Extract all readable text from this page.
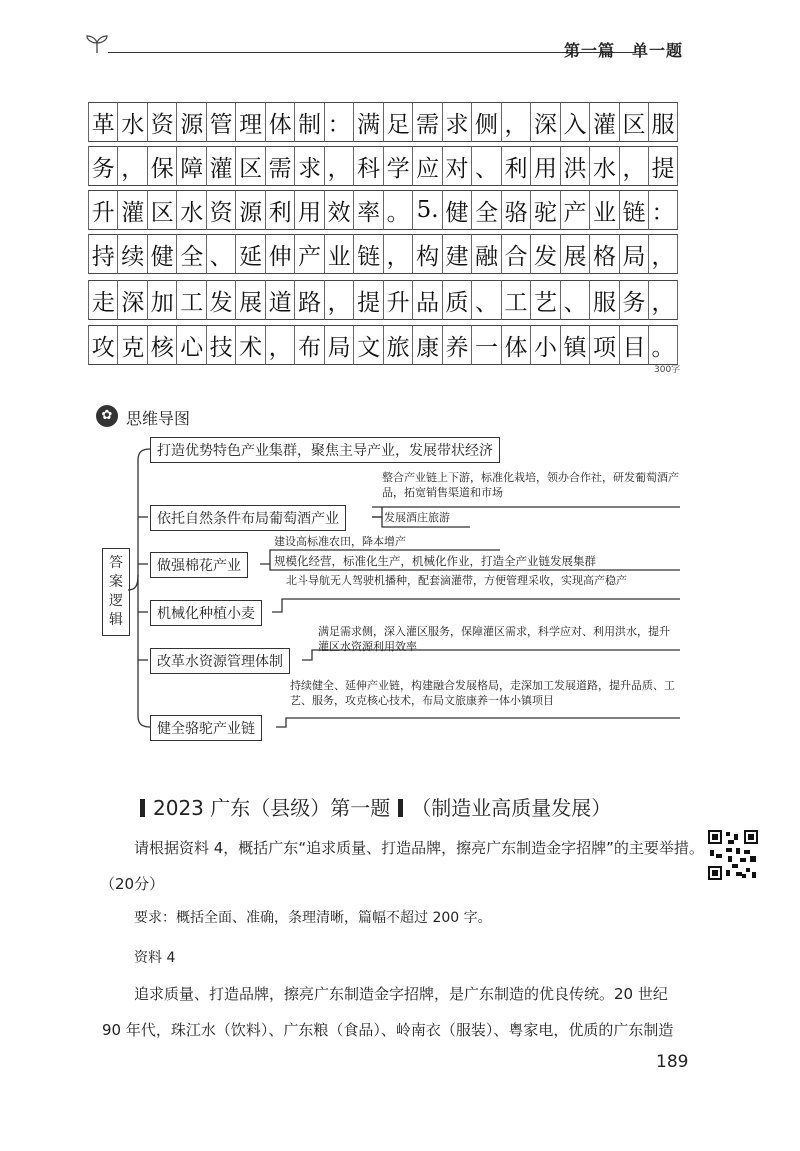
第一篇　单一题
革 水 资 源 管 理 体 制 ： 满 足 需 求 侧 ， 深 入 灌 区 服
务 ， 保 障 灌 区 需 求 ， 科 学 应 对 、 利 用 洪 水 ， 提
升 灌 区 水 资 源 利 用 效 率 。 5. 健 全 骆 驼 产 业 链 ：
持 续 健 全 、 延 伸 产 业 链 ， 构 建 融 合 发 展 格 局 ，
走 深 加 工 发 展 道 路 ， 提 升 品 质 、 工 艺 、 服 务 ，
攻 克 核 心 技 术 ， 布 局 文 旅 康 养 一 体 小 镇 项 目 。
300字
✿ 思维导图
答
案
逻
辑
打造优势特色产业集群，聚焦主导产业，发展带状经济
依托自然条件布局葡萄酒产业
整合产业链上下游，标准化栽培，领办合作社，研发葡萄酒产品，拓宽销售渠道和市场
发展酒庄旅游
做强棉花产业
建设高标准农田，降本增产
规模化经营，标准化生产，机械化作业，打造全产业链发展集群
机械化种植小麦
北斗导航无人驾驶机播种，配套滴灌带，方便管理采收，实现高产稳产
改革水资源管理体制
满足需求侧，深入灌区服务，保障灌区需求，科学应对、利用洪水，提升灌区水资源利用效率
健全骆驼产业链
持续健全、延伸产业链，构建融合发展格局，走深加工发展道路，提升品质、工艺、服务，攻克核心技术，布局文旅康养一体小镇项目
2023 广东（县级）第一题 （制造业高质量发展）
请根据资料 4，概括广东“追求质量、打造品牌，擦亮广东制造金字招牌”的主要举措。
（20分）
要求：概括全面、准确，条理清晰，篇幅不超过 200 字。
资料 4
追求质量、打造品牌，擦亮广东制造金字招牌，是广东制造的优良传统。20 世纪
90 年代，珠江水（饮料）、广东粮（食品）、岭南衣（服装）、粤家电，优质的广东制造
189
